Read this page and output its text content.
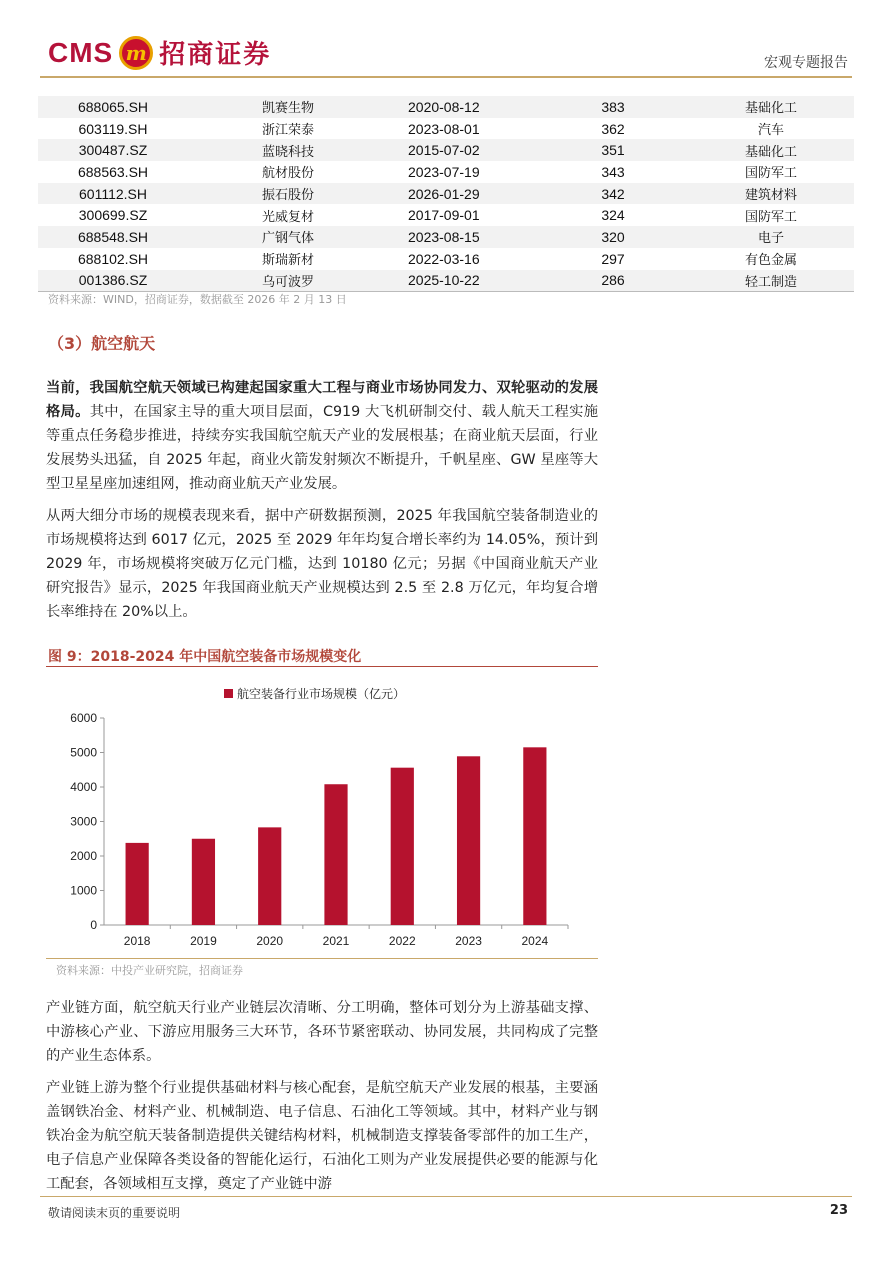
CMS m 招商证券	宏观专题报告
688065.SH	凯赛生物	2020-08-12	383	基础化工
603119.SH	浙江荣泰	2023-08-01	362	汽车
300487.SZ	蓝晓科技	2015-07-02	351	基础化工
688563.SH	航材股份	2023-07-19	343	国防军工
601112.SH	振石股份	2026-01-29	342	建筑材料
300699.SZ	光威复材	2017-09-01	324	国防军工
688548.SH	广钢气体	2023-08-15	320	电子
688102.SH	斯瑞新材	2022-03-16	297	有色金属
001386.SZ	乌可波罗	2025-10-22	286	轻工制造
资料来源：WIND，招商证券，数据截至 2026 年 2 月 13 日
（3）航空航天
当前，我国航空航天领域已构建起国家重大工程与商业市场协同发力、双轮驱动的发展格局。其中，在国家主导的重大项目层面，C919 大飞机研制交付、载人航天工程实施等重点任务稳步推进，持续夯实我国航空航天产业的发展根基；在商业航天层面，行业发展势头迅猛，自 2025 年起，商业火箭发射频次不断提升，千帆星座、GW 星座等大型卫星星座加速组网，推动商业航天产业发展。
从两大细分市场的规模表现来看，据中产研数据预测，2025 年我国航空装备制造业的市场规模将达到 6017 亿元，2025 至 2029 年年均复合增长率约为 14.05%，预计到 2029 年，市场规模将突破万亿元门槛，达到 10180 亿元；另据《中国商业航天产业研究报告》显示，2025 年我国商业航天产业规模达到 2.5 至 2.8 万亿元，年均复合增长率维持在 20%以上。
图 9：2018-2024 年中国航空装备市场规模变化
航空装备行业市场规模（亿元）
0
1000
2000
3000
4000
5000
6000
2018	2019	2020	2021	2022	2023	2024
资料来源：中投产业研究院，招商证券
产业链方面，航空航天行业产业链层次清晰、分工明确，整体可划分为上游基础支撑、中游核心产业、下游应用服务三大环节，各环节紧密联动、协同发展，共同构成了完整的产业生态体系。
产业链上游为整个行业提供基础材料与核心配套，是航空航天产业发展的根基，主要涵盖钢铁冶金、材料产业、机械制造、电子信息、石油化工等领域。其中，材料产业与钢铁冶金为航空航天装备制造提供关键结构材料，机械制造支撑装备零部件的加工生产，电子信息产业保障各类设备的智能化运行，石油化工则为产业发展提供必要的能源与化工配套，各领域相互支撑，奠定了产业链中游
敬请阅读末页的重要说明	23
